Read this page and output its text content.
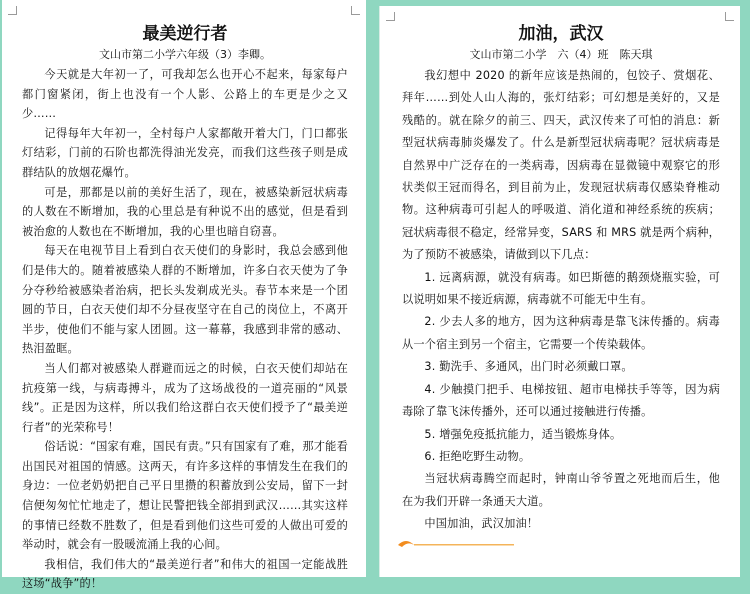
最美逆行者
文山市第二小学六年级（3）李卿。

今天就是大年初一了，可我却怎么也开心不起来，每家每户都门窗紧闭，街上也没有一个人影、公路上的车更是少之又少……

记得每年大年初一，全村每户人家都敞开着大门，门口都张灯结彩，门前的石阶也都洗得油光发亮，而我们这些孩子则是成群结队的放烟花爆竹。

可是，那都是以前的美好生活了，现在，被感染新冠状病毒的人数在不断增加，我的心里总是有种说不出的感觉，但是看到被治愈的人数也在不断增加，我的心里也暗自窃喜。

每天在电视节目上看到白衣天使们的身影时，我总会感到他们是伟大的。随着被感染人群的不断增加，许多白衣天使为了争分夺秒给被感染者治病，把长头发剃成光头。春节本来是一个团圆的节日，白衣天使们却不分昼夜坚守在自己的岗位上，不离开半步，使他们不能与家人团圆。这一幕幕，我感到非常的感动、热泪盈眶。

当人们都对被感染人群避而远之的时候，白衣天使们却站在抗疫第一线，与病毒搏斗，成为了这场战役的一道亮丽的“风景线”。正是因为这样，所以我们给这群白衣天使们授予了“最美逆行者”的光荣称号！

俗话说：“国家有难，国民有责。”只有国家有了难，那才能看出国民对祖国的情感。这两天，有许多这样的事情发生在我们的身边：一位老奶奶把自己平日里攒的积蓄放到公安局，留下一封信便匆匆忙忙地走了，想让民警把钱全部捐到武汉……其实这样的事情已经数不胜数了，但是看到他们这些可爱的人做出可爱的举动时，就会有一股暖流涌上我的心间。

我相信，我们伟大的“最美逆行者”和伟大的祖国一定能战胜这场“战争”的！

加油，武汉
文山市第二小学　六（4）班　陈天琪

我幻想中 2020 的新年应该是热闹的，包饺子、赏烟花、拜年……到处人山人海的，张灯结彩；可幻想是美好的，又是残酷的。就在除夕的前三、四天，武汉传来了可怕的消息：新型冠状病毒肺炎爆发了。什么是新型冠状病毒呢？冠状病毒是自然界中广泛存在的一类病毒，因病毒在显微镜中观察它的形状类似王冠而得名，到目前为止，发现冠状病毒仅感染脊椎动物。这种病毒可引起人的呼吸道、消化道和神经系统的疾病；冠状病毒很不稳定，经常异变，SARS 和 MRS 就是两个病种，为了预防不被感染，请做到以下几点：

1. 远离病源，就没有病毒。如巴斯德的鹅颈烧瓶实验，可以说明如果不接近病源，病毒就不可能无中生有。

2. 少去人多的地方，因为这种病毒是靠飞沫传播的。病毒从一个宿主到另一个宿主，它需要一个传染载体。

3. 勤洗手、多通风，出门时必须戴口罩。

4. 少触摸门把手、电梯按钮、超市电梯扶手等等，因为病毒除了靠飞沫传播外，还可以通过接触进行传播。

5. 增强免疫抵抗能力，适当锻炼身体。

6. 拒绝吃野生动物。

当冠状病毒腾空而起时，钟南山爷爷置之死地而后生，他在为我们开辟一条通天大道。

中国加油，武汉加油！
